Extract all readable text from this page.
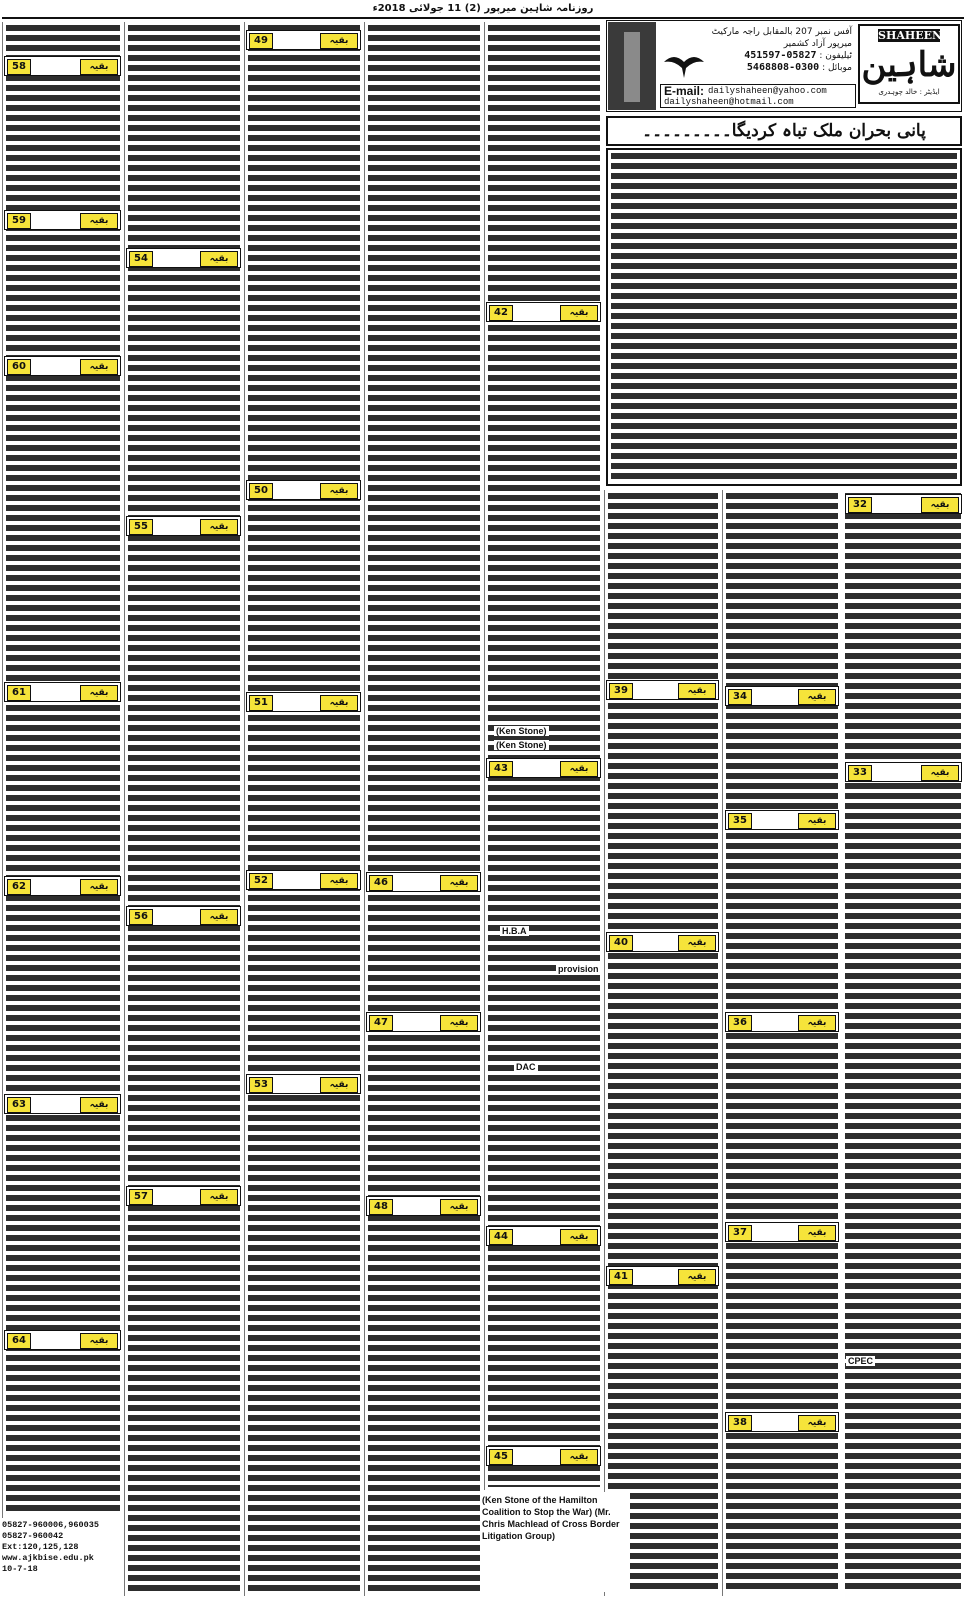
روزنامہ شاہین میرپور (2) 11 جولائی 2018ء
آفس نمبر 207 بالمقابل راجہ مارکیٹ میرپور آزاد کشمیر
ٹیلیفون : 05827-451597
موبائل : 0300-5468808
E-mail: dailyshaheen@yahoo.com
dailyshaheen@hotmail.com
SHAHEEN
شاہین
ایڈیٹر : خالد چوہدری
پانی بحران ملک تباہ کردیگا۔۔۔۔۔۔۔۔۔
بقیہ
32
بقیہ
33
بقیہ
34
بقیہ
35
بقیہ
36
بقیہ
37
بقیہ
38
بقیہ
39
بقیہ
40
بقیہ
41
بقیہ
42
بقیہ
43
بقیہ
44
بقیہ
45
بقیہ
46
بقیہ
47
بقیہ
48
بقیہ
49
بقیہ
50
بقیہ
51
بقیہ
52
بقیہ
53
بقیہ
54
بقیہ
55
بقیہ
56
بقیہ
57
بقیہ
58
بقیہ
59
بقیہ
60
بقیہ
61
بقیہ
62
بقیہ
63
بقیہ
64
(Ken Stone)
(Ken Stone)
H.B.A
provision
DAC
CPEC
(Ken Stone of the Hamilton Coalition to Stop the War) (Mr. Chris Machlead of Cross Border Litigation Group)
05827-960006,960035
05827-960042 Ext:120,125,128
www.ajkbise.edu.pk
10-7-18
